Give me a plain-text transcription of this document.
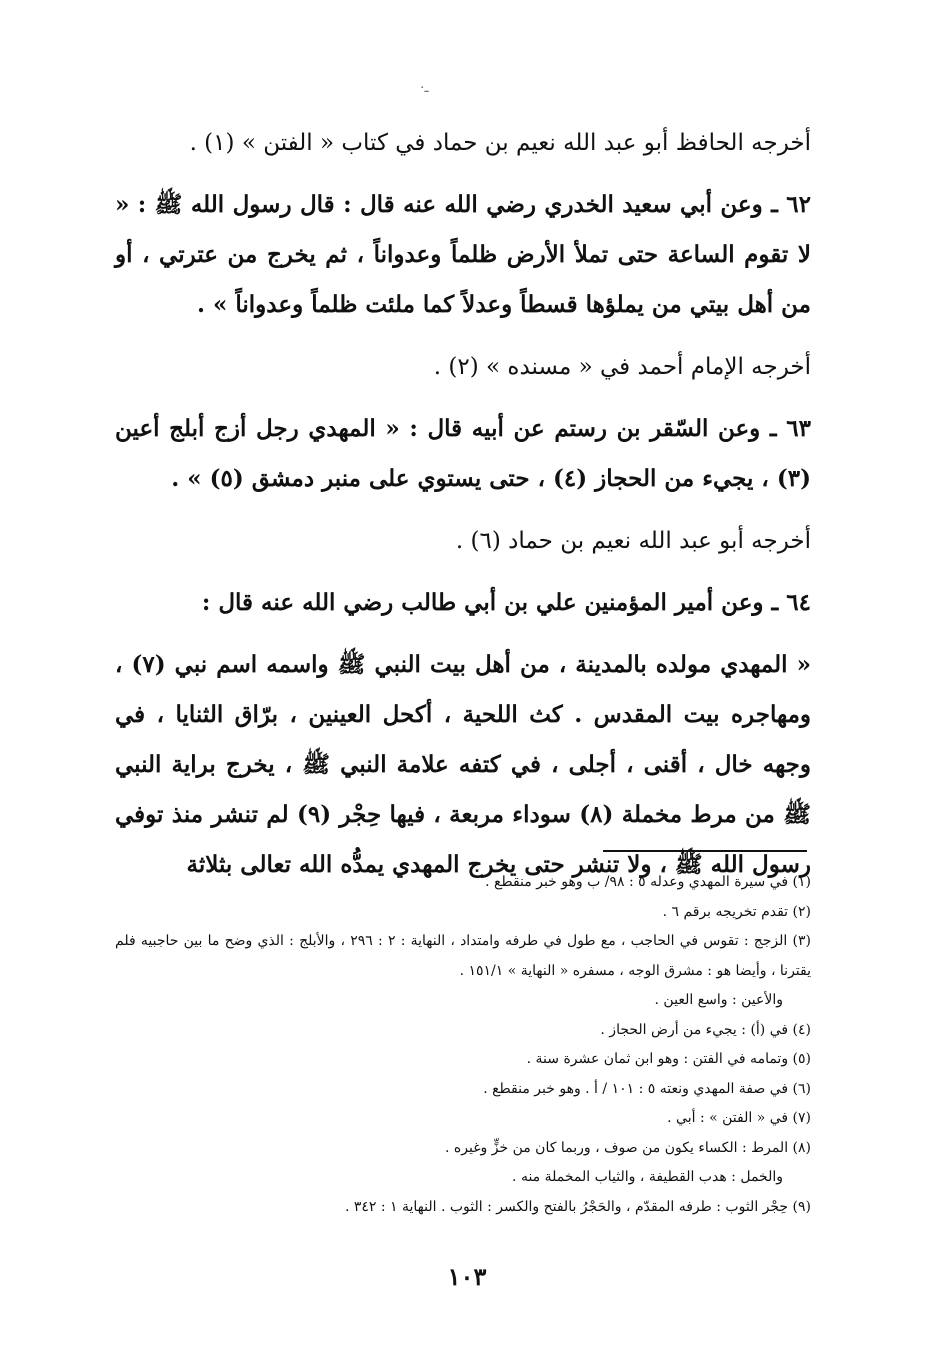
·ـ

أخرجه الحافظ أبو عبد الله نعيم بن حماد في كتاب « الفتن » (١) .

٦٢ ـ وعن أبي سعيد الخدري رضي الله عنه قال : قال رسول الله ﷺ : « لا تقوم الساعة حتى تملأ الأرض ظلماً وعدواناً ، ثم يخرج من عترتي ، أو من أهل بيتي من يملؤها قسطاً وعدلاً كما ملئت ظلماً وعدواناً » .

أخرجه الإمام أحمد في « مسنده » (٢) .

٦٣ ـ وعن السّقر بن رستم عن أبيه قال : « المهدي رجل أزج أبلج أعين (٣) ، يجيء من الحجاز (٤) ، حتى يستوي على منبر دمشق (٥) » .

أخرجه أبو عبد الله نعيم بن حماد (٦) .

٦٤ ـ وعن أمير المؤمنين علي بن أبي طالب رضي الله عنه قال :

« المهدي مولده بالمدينة ، من أهل بيت النبي ﷺ واسمه اسم نبي (٧) ، ومهاجره بيت المقدس . كث اللحية ، أكحل العينين ، برّاق الثنايا ، في وجهه خال ، أقنى ، أجلى ، في كتفه علامة النبي ﷺ ، يخرج براية النبي ﷺ من مرط مخملة (٨) سوداء مربعة ، فيها حِجْر (٩) لم تنشر منذ توفي رسول الله ﷺ ، ولا تنشر حتى يخرج المهدي يمدُّه الله تعالى بثلاثة

(١) في سيرة المهدي وعدله ٥ : ٩٨/ ب وهو خبر منقطع .

(٢) تقدم تخريجه برقم ٦ .

(٣) الزجج : تقوس في الحاجب ، مع طول في طرفه وامتداد ، النهاية : ٢ : ٢٩٦ ، والأبلج : الذي وضح ما بين حاجبيه فلم يقترنا ، وأيضا هو : مشرق الوجه ، مسفره « النهاية » ١٥١/١ .

والأعين : واسع العين .

(٤) في (أ) : يجيء من أرض الحجاز .

(٥) وتمامه في الفتن : وهو ابن ثمان عشرة سنة .

(٦) في صفة المهدي ونعته ٥ : ١٠١ / أ . وهو خبر منقطع .

(٧) في « الفتن » : أبي .

(٨) المرط : الكساء يكون من صوف ، وربما كان من خزٍّ وغيره .

والخمل : هدب القطيفة ، والثياب المخملة منه .

(٩) حِجْر الثوب : طرفه المقدّم ، والحَجْرُ بالفتح والكسر : الثوب . النهاية ١ : ٣٤٢ .

١٠٣
